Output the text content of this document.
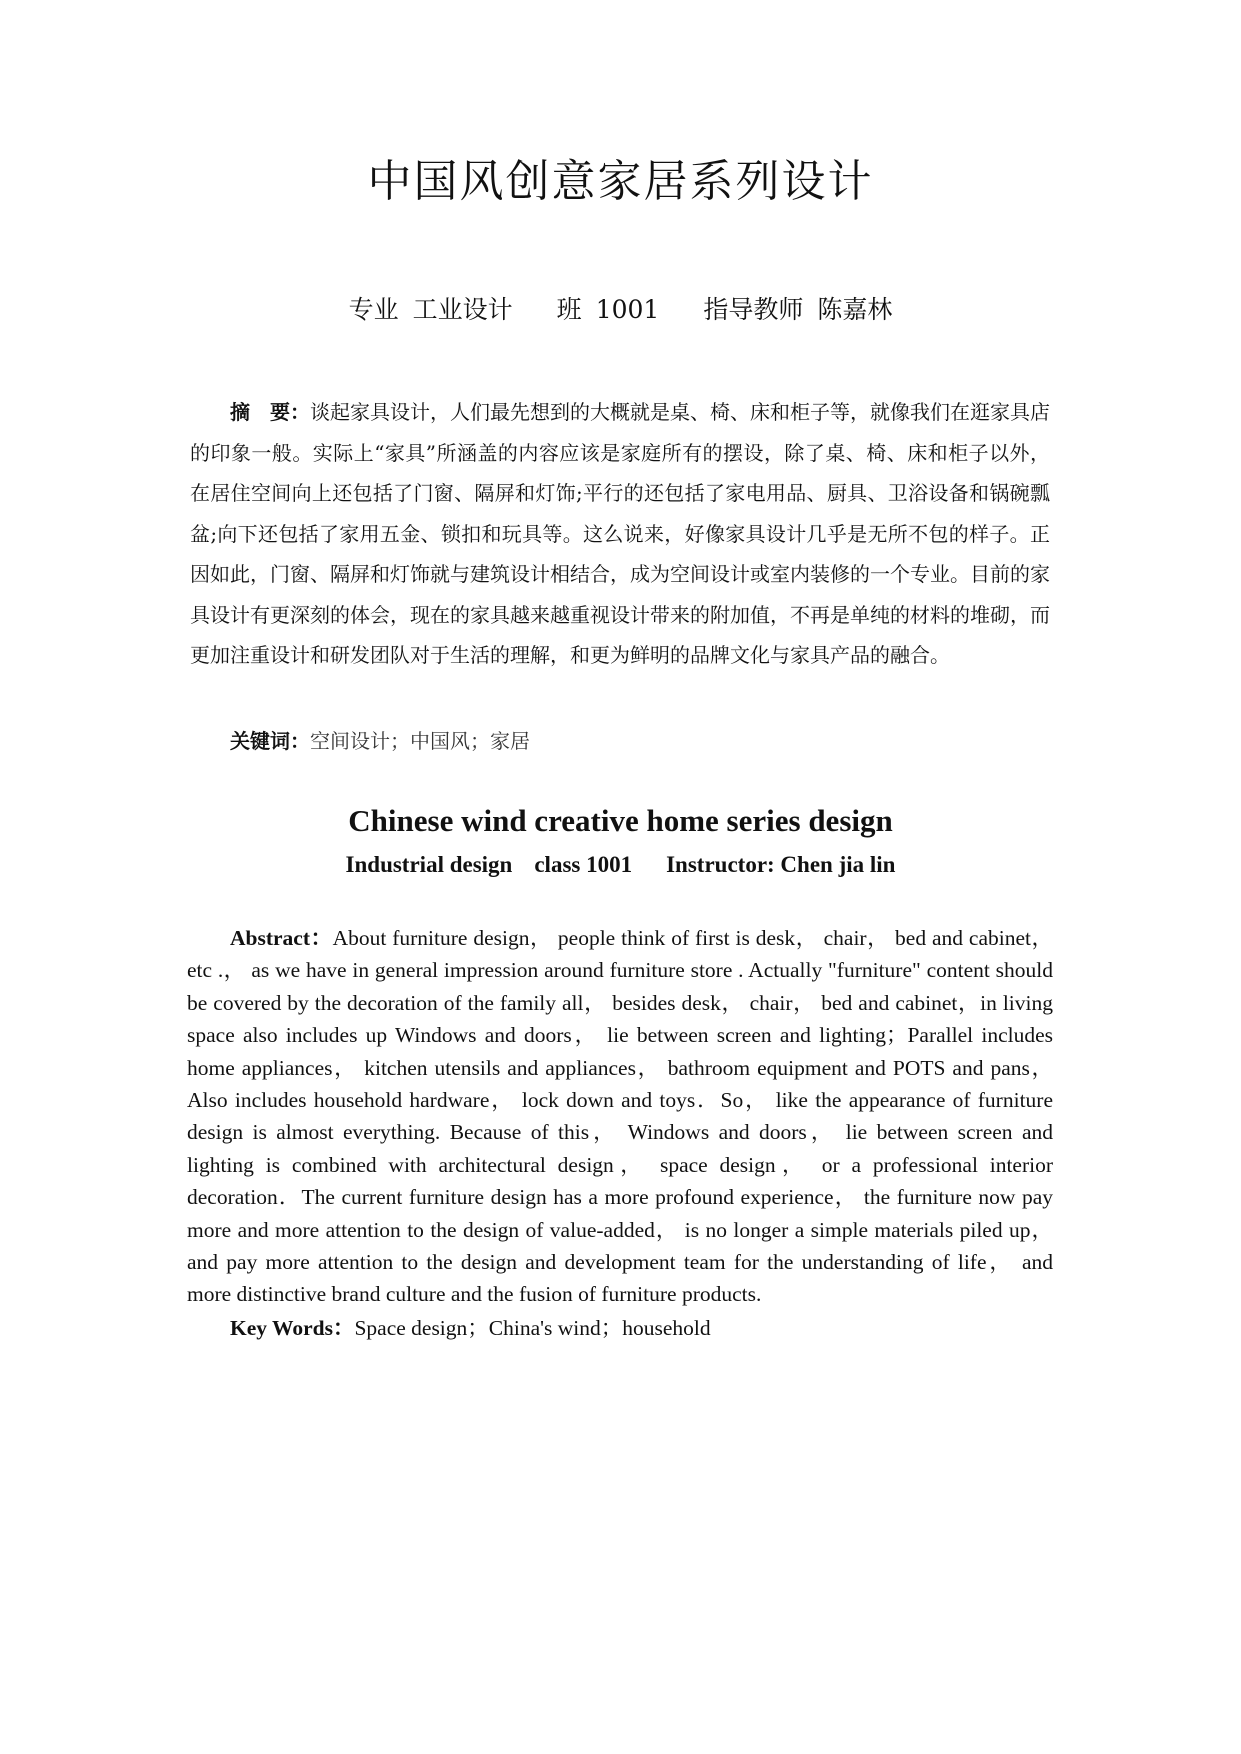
中国风创意家居系列设计
专业 工业设计 班 1001 指导教师 陈嘉林

摘　要：谈起家具设计，人们最先想到的大概就是桌、椅、床和柜子等，就像我们在逛家具店的印象一般。实际上“家具”所涵盖的内容应该是家庭所有的摆设，除了桌、椅、床和柜子以外，在居住空间向上还包括了门窗、隔屏和灯饰;平行的还包括了家电用品、厨具、卫浴设备和锅碗瓢盆;向下还包括了家用五金、锁扣和玩具等。这么说来，好像家具设计几乎是无所不包的样子。正因如此，门窗、隔屏和灯饰就与建筑设计相结合，成为空间设计或室内装修的一个专业。目前的家具设计有更深刻的体会，现在的家具越来越重视设计带来的附加值，不再是单纯的材料的堆砌，而更加注重设计和研发团队对于生活的理解，和更为鲜明的品牌文化与家具产品的融合。

关键词：空间设计；中国风；家居

Chinese wind creative home series design
Industrial design class 1001 Instructor: Chen jia lin

Abstract：About furniture design， people think of first is desk， chair， bed and cabinet，etc .， as we have in general impression around furniture store . Actually "furniture" content should be covered by the decoration of the family all， besides desk， chair， bed and cabinet，in living space also includes up Windows and doors， lie between screen and lighting；Parallel includes home appliances， kitchen utensils and appliances， bathroom equipment and POTS and pans，Also includes household hardware， lock down and toys．So， like the appearance of furniture design is almost everything. Because of this， Windows and doors， lie between screen and lighting is combined with architectural design， space design， or a professional interior decoration．The current furniture design has a more profound experience， the furniture now pay more and more attention to the design of value-added， is no longer a simple materials piled up，and pay more attention to the design and development team for the understanding of life， and more distinctive brand culture and the fusion of furniture products.

Key Words：Space design；China's wind；household
